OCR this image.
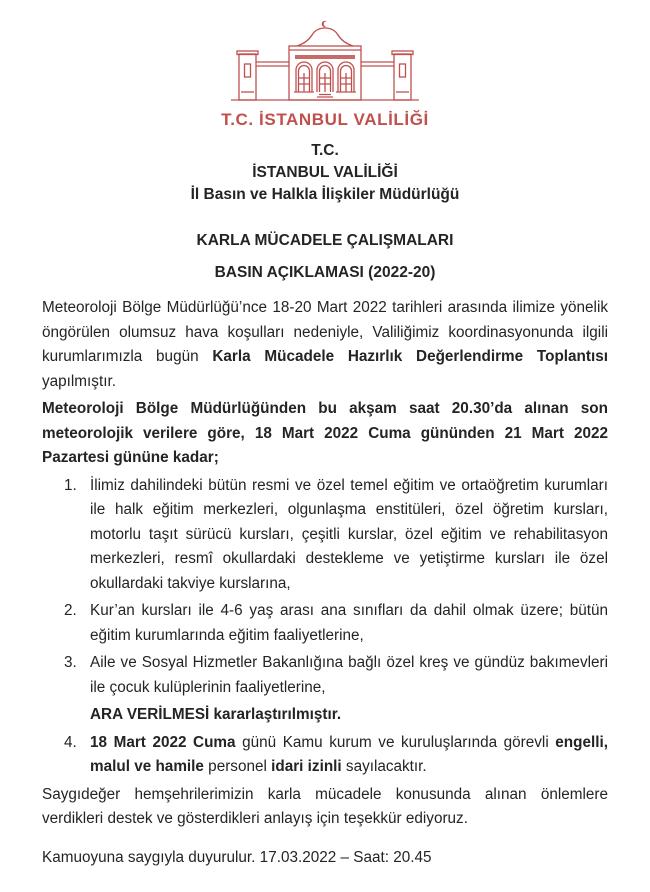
T.C. İSTANBUL VALİLİĞİ
T.C.
İSTANBUL VALİLİĞİ
İl Basın ve Halkla İlişkiler Müdürlüğü
KARLA MÜCADELE ÇALIŞMALARI
BASIN AÇIKLAMASI (2022-20)

Meteoroloji Bölge Müdürlüğü’nce 18-20 Mart 2022 tarihleri arasında ilimize yönelik öngörülen olumsuz hava koşulları nedeniyle, Valiliğimiz koordinasyonunda ilgili kurumlarımızla bugün Karla Mücadele Hazırlık Değerlendirme Toplantısı yapılmıştır.

Meteoroloji Bölge Müdürlüğünden bu akşam saat 20.30’da alınan son meteorolojik verilere göre, 18 Mart 2022 Cuma gününden 21 Mart 2022 Pazartesi gününe kadar;

1. İlimiz dahilindeki bütün resmi ve özel temel eğitim ve ortaöğretim kurumları ile halk eğitim merkezleri, olgunlaşma enstitüleri, özel öğretim kursları, motorlu taşıt sürücü kursları, çeşitli kurslar, özel eğitim ve rehabilitasyon merkezleri, resmî okullardaki destekleme ve yetiştirme kursları ile özel okullardaki takviye kurslarına,
2. Kur’an kursları ile 4-6 yaş arası ana sınıfları da dahil olmak üzere; bütün eğitim kurumlarında eğitim faaliyetlerine,
3. Aile ve Sosyal Hizmetler Bakanlığına bağlı özel kreş ve gündüz bakımevleri ile çocuk kulüplerinin faaliyetlerine,

ARA VERİLMESİ kararlaştırılmıştır.

4. 18 Mart 2022 Cuma günü Kamu kurum ve kuruluşlarında görevli engelli, malul ve hamile personel idari izinli sayılacaktır.

Saygıdeğer hemşehrilerimizin karla mücadele konusunda alınan önlemlere verdikleri destek ve gösterdikleri anlayış için teşekkür ediyoruz.

Kamuoyuna saygıyla duyurulur. 17.03.2022 – Saat: 20.45
